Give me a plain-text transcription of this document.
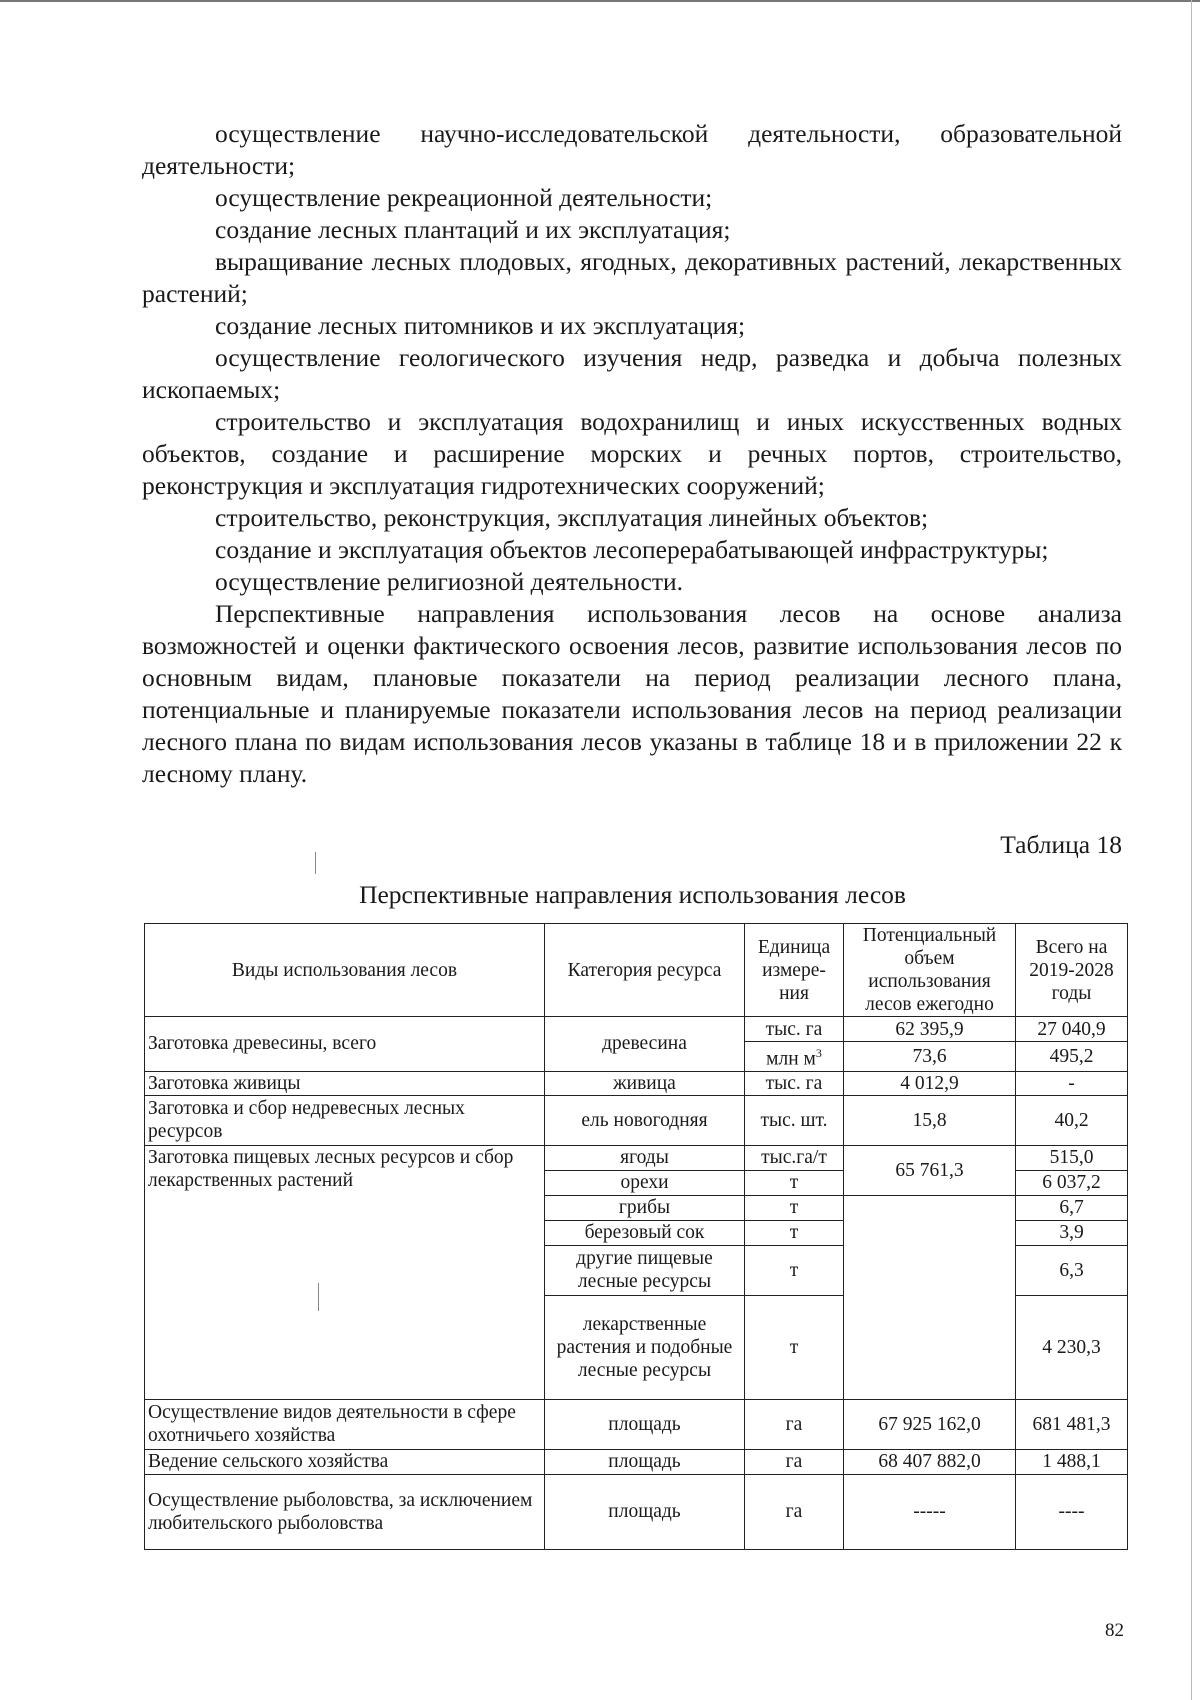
осуществление научно-исследовательской деятельности, образовательной деятельности;

осуществление рекреационной деятельности;

создание лесных плантаций и их эксплуатация;

выращивание лесных плодовых, ягодных, декоративных растений, лекарственных растений;

создание лесных питомников и их эксплуатация;

осуществление геологического изучения недр, разведка и добыча полезных ископаемых;

строительство и эксплуатация водохранилищ и иных искусственных водных объектов, создание и расширение морских и речных портов, строительство, реконструкция и эксплуатация гидротехнических сооружений;

строительство, реконструкция, эксплуатация линейных объектов;

создание и эксплуатация объектов лесоперерабатывающей инфраструктуры;

осуществление религиозной деятельности.

Перспективные направления использования лесов на основе анализа возможностей и оценки фактического освоения лесов, развитие использования лесов по основным видам, плановые показатели на период реализации лесного плана, потенциальные и планируемые показатели использования лесов на период реализации лесного плана по видам использования лесов указаны в таблице 18 и в приложении 22 к лесному плану.

Таблица 18
Перспективные направления использования лесов
Виды использования лесов	Категория ресурса	Единица измере-ния	Потенциальный объем использования лесов ежегодно	Всего на 2019-2028 годы
Заготовка древесины, всего	древесина	тыс. га	62 395,9	27 040,9
		млн $м^3$	73,6	495,2
Заготовка живицы	живица	тыс. га	4 012,9	-
Заготовка и сбор недревесных лесных ресурсов	ель новогодняя	тыс. шт.	15,8	40,2
Заготовка пищевых лесных ресурсов и сбор лекарственных растений	ягоды	тыс.га/т	65 761,3	515,0
	орехи	т		6 037,2
	грибы	т		6,7
	березовый сок	т		3,9
	другие пищевые лесные ресурсы	т		6,3
	лекарственные растения и подобные лесные ресурсы	т		4 230,3
Осуществление видов деятельности в сфере охотничьего хозяйства	площадь	га	67 925 162,0	681 481,3
Ведение сельского хозяйства	площадь	га	68 407 882,0	1 488,1
Осуществление рыболовства, за исключением любительского рыболовства	площадь	га	-----	----
82
